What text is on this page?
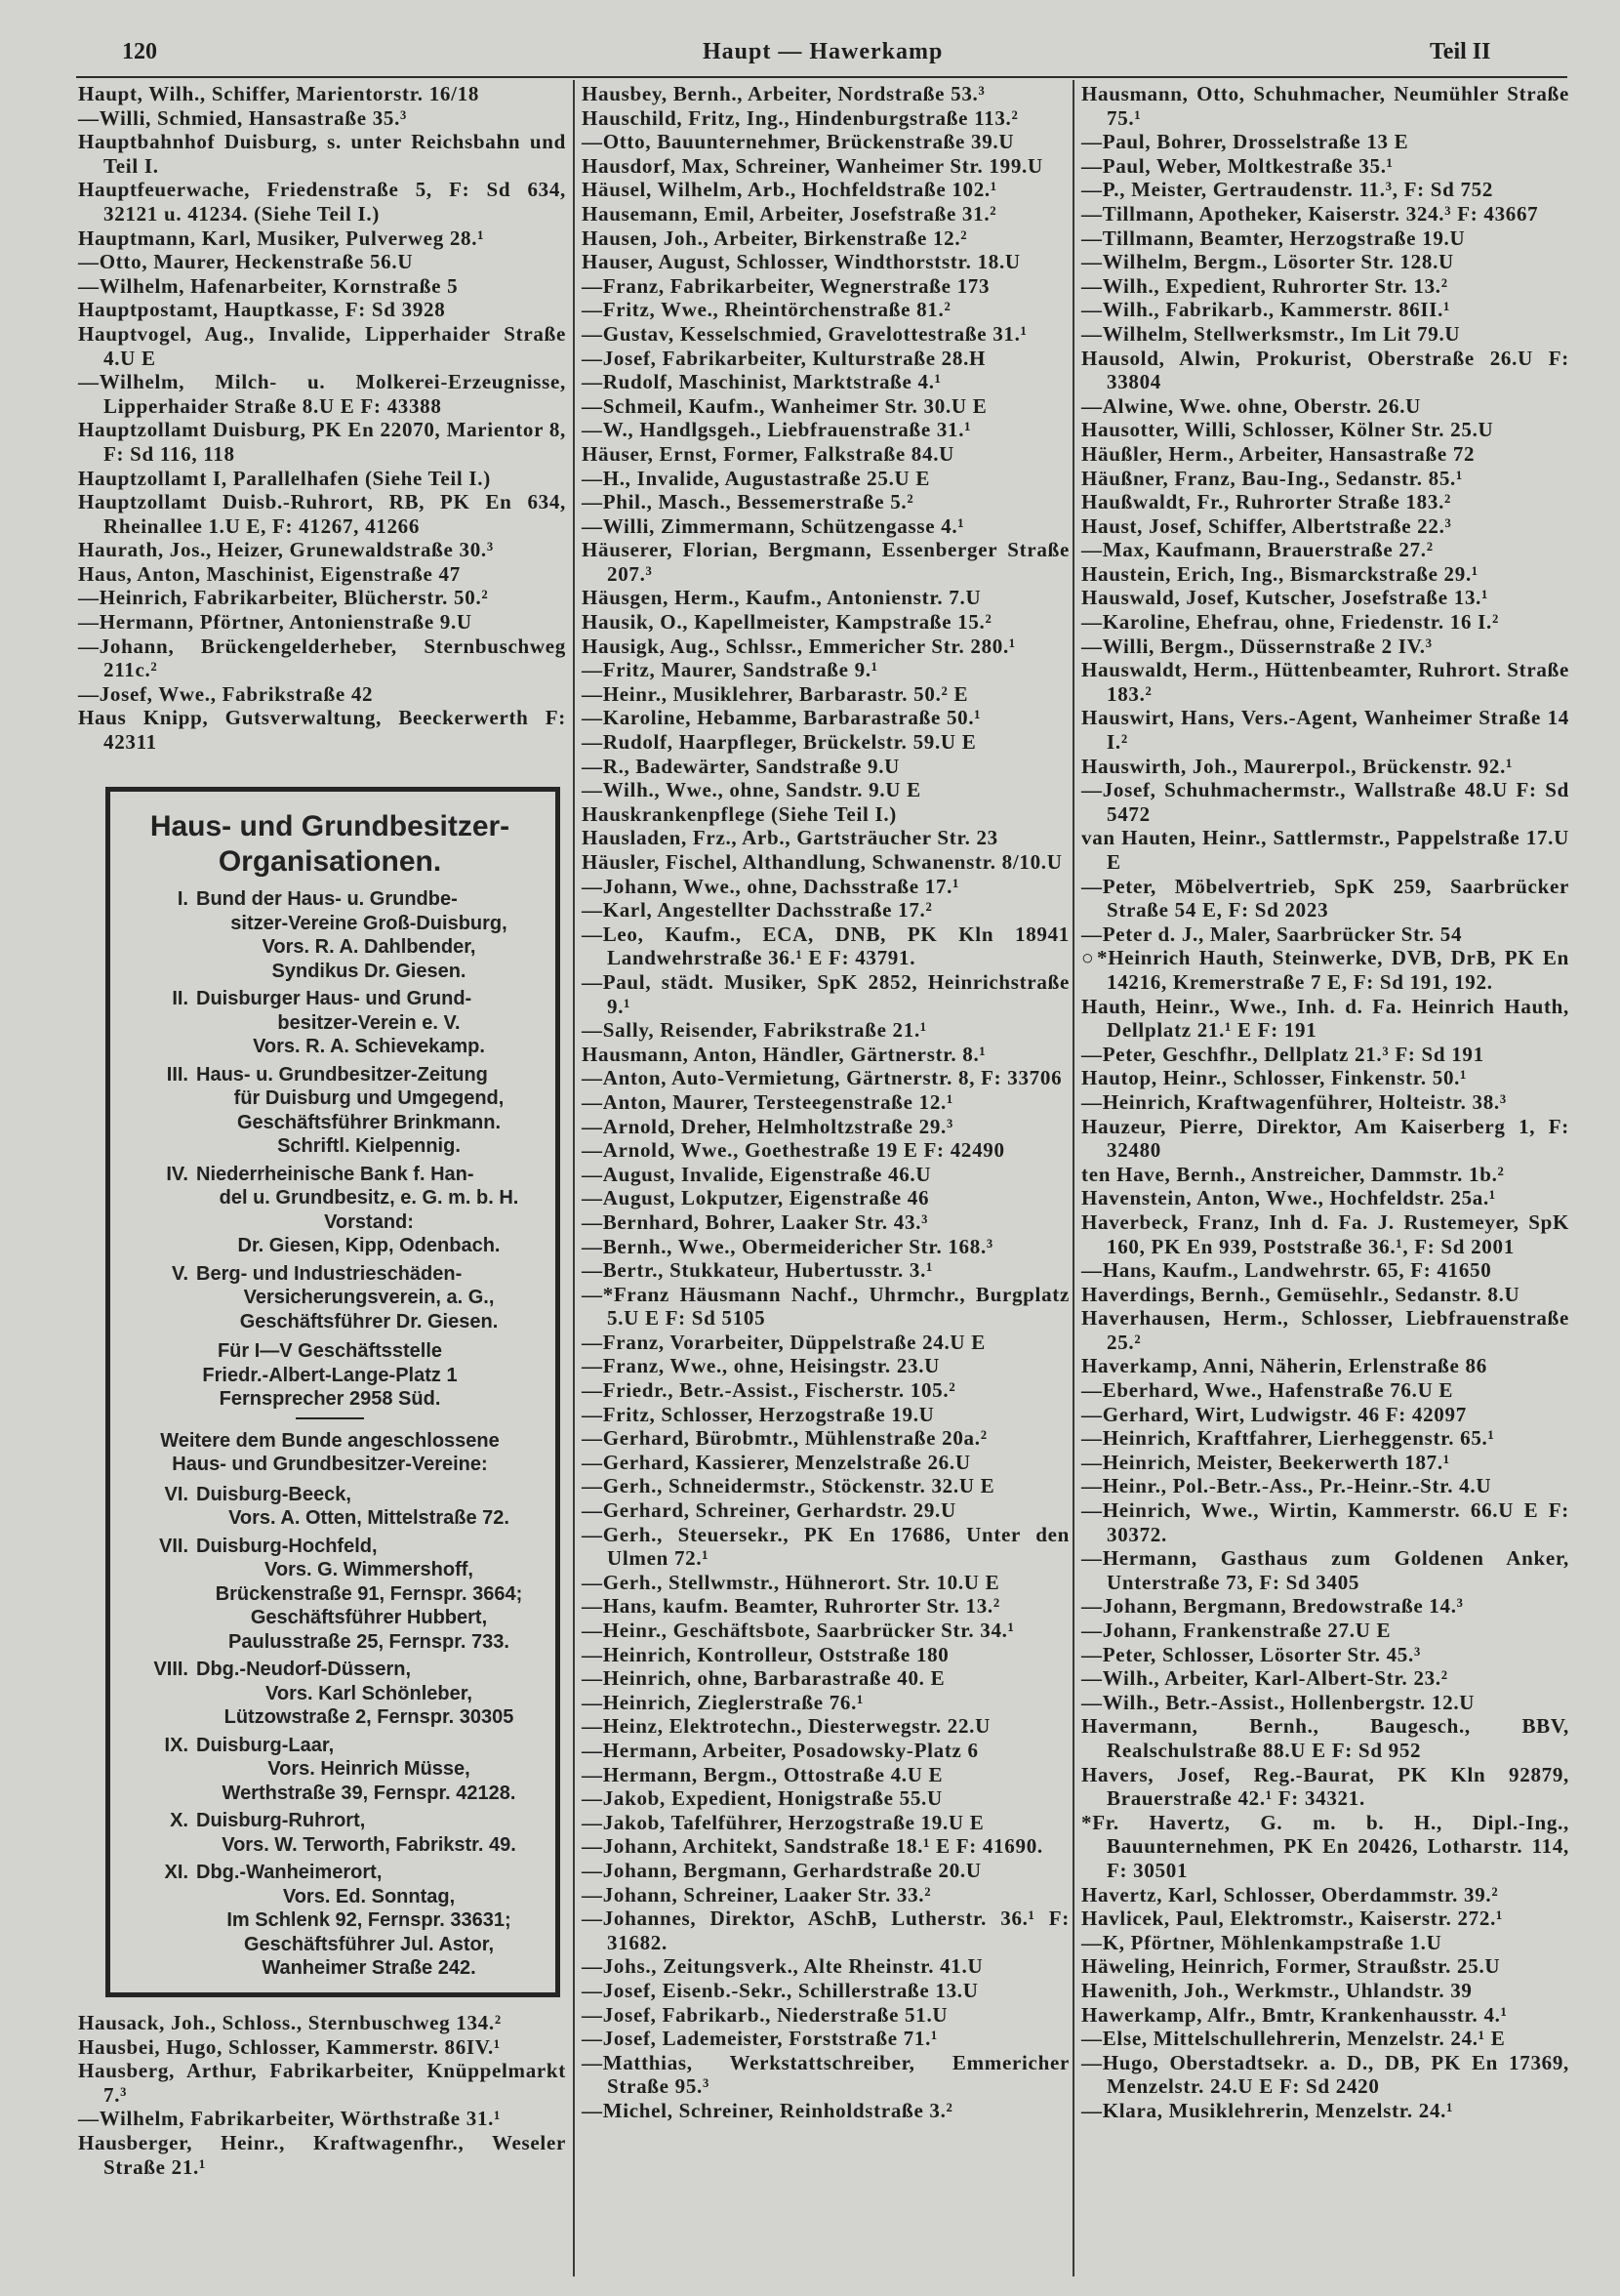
120	Haupt — Hawerkamp	Teil II
Haupt, Wilh., Schiffer, Marientorstr. 16/18
—Willi, Schmied, Hansastraße 35.³
Hauptbahnhof Duisburg, s. unter Reichsbahn und Teil I.
Hauptfeuerwache, Friedenstraße 5, F: Sd 634, 32121 u. 41234. (Siehe Teil I.)
Hauptmann, Karl, Musiker, Pulverweg 28.¹
—Otto, Maurer, Heckenstraße 56.U
—Wilhelm, Hafenarbeiter, Kornstraße 5
Hauptpostamt, Hauptkasse, F: Sd 3928
Hauptvogel, Aug., Invalide, Lipperhaider Straße 4.U E
—Wilhelm, Milch- u. Molkerei-Erzeugnisse, Lipperhaider Straße 8.U E F: 43388
Hauptzollamt Duisburg, PK En 22070, Marientor 8, F: Sd 116, 118
Hauptzollamt I, Parallelhafen (Siehe Teil I.)
Hauptzollamt Duisb.-Ruhrort, RB, PK En 634, Rheinallee 1.U E, F: 41267, 41266
Haurath, Jos., Heizer, Grunewaldstraße 30.³
Haus, Anton, Maschinist, Eigenstraße 47
—Heinrich, Fabrikarbeiter, Blücherstr. 50.²
—Hermann, Pförtner, Antonienstraße 9.U
—Johann, Brückengelderheber, Sternbuschweg 211c.²
—Josef, Wwe., Fabrikstraße 42
Haus Knipp, Gutsverwaltung, Beeckerwerth F: 42311
Haus- und Grundbesitzer-Organisationen.
I. Bund der Haus- u. Grundbe-
sitzer-Vereine Groß-Duisburg,
Vors. R. A. Dahlbender,
Syndikus Dr. Giesen.
II. Duisburger Haus- und Grund-
besitzer-Verein e. V.
Vors. R. A. Schievekamp.
III. Haus- u. Grundbesitzer-Zeitung
für Duisburg und Umgegend,
Geschäftsführer Brinkmann.
Schriftl. Kielpennig.
IV. Niederrheinische Bank f. Han-
del u. Grundbesitz, e. G. m. b. H.
Vorstand:
Dr. Giesen, Kipp, Odenbach.
V. Berg- und Industrieschäden-
Versicherungsverein, a. G.,
Geschäftsführer Dr. Giesen.
Für I—V Geschäftsstelle
Friedr.-Albert-Lange-Platz 1
Fernsprecher 2958 Süd.
Weitere dem Bunde angeschlossene
Haus- und Grundbesitzer-Vereine:
VI. Duisburg-Beeck,
Vors. A. Otten, Mittelstraße 72.
VII. Duisburg-Hochfeld,
Vors. G. Wimmershoff,
Brückenstraße 91, Fernspr. 3664;
Geschäftsführer Hubbert,
Paulusstraße 25, Fernspr. 733.
VIII. Dbg.-Neudorf-Düssern,
Vors. Karl Schönleber,
Lützowstraße 2, Fernspr. 30305
IX. Duisburg-Laar,
Vors. Heinrich Müsse,
Werthstraße 39, Fernspr. 42128.
X. Duisburg-Ruhrort,
Vors. W. Terworth, Fabrikstr. 49.
XI. Dbg.-Wanheimerort,
Vors. Ed. Sonntag,
Im Schlenk 92, Fernspr. 33631;
Geschäftsführer Jul. Astor,
Wanheimer Straße 242.
Hausack, Joh., Schloss., Sternbuschweg 134.²
Hausbei, Hugo, Schlosser, Kammerstr. 86IV.¹
Hausberg, Arthur, Fabrikarbeiter, Knüppelmarkt 7.³
—Wilhelm, Fabrikarbeiter, Wörthstraße 31.¹
Hausberger, Heinr., Kraftwagenfhr., Weseler Straße 21.¹
Hausbey, Bernh., Arbeiter, Nordstraße 53.³
Hauschild, Fritz, Ing., Hindenburgstraße 113.²
—Otto, Bauunternehmer, Brückenstraße 39.U
Hausdorf, Max, Schreiner, Wanheimer Str. 199.U
Häusel, Wilhelm, Arb., Hochfeldstraße 102.¹
Hausemann, Emil, Arbeiter, Josefstraße 31.²
Hausen, Joh., Arbeiter, Birkenstraße 12.²
Hauser, August, Schlosser, Windthorststr. 18.U
—Franz, Fabrikarbeiter, Wegnerstraße 173
—Fritz, Wwe., Rheintörchenstraße 81.²
—Gustav, Kesselschmied, Gravelottestraße 31.¹
—Josef, Fabrikarbeiter, Kulturstraße 28.H
—Rudolf, Maschinist, Marktstraße 4.¹
—Schmeil, Kaufm., Wanheimer Str. 30.U E
—W., Handlgsgeh., Liebfrauenstraße 31.¹
Häuser, Ernst, Former, Falkstraße 84.U
—H., Invalide, Augustastraße 25.U E
—Phil., Masch., Bessemerstraße 5.²
—Willi, Zimmermann, Schützengasse 4.¹
Häuserer, Florian, Bergmann, Essenberger Straße 207.³
Häusgen, Herm., Kaufm., Antonienstr. 7.U
Hausik, O., Kapellmeister, Kampstraße 15.²
Hausigk, Aug., Schlssr., Emmericher Str. 280.¹
—Fritz, Maurer, Sandstraße 9.¹
—Heinr., Musiklehrer, Barbarastr. 50.² E
—Karoline, Hebamme, Barbarastraße 50.¹
—Rudolf, Haarpfleger, Brückelstr. 59.U E
—R., Badewärter, Sandstraße 9.U
—Wilh., Wwe., ohne, Sandstr. 9.U E
Hauskrankenpflege (Siehe Teil I.)
Hausladen, Frz., Arb., Gartsträucher Str. 23
Häusler, Fischel, Althandlung, Schwanenstr. 8/10.U
—Johann, Wwe., ohne, Dachsstraße 17.¹
—Karl, Angestellter Dachsstraße 17.²
—Leo, Kaufm., ECA, DNB, PK Kln 18941 Landwehrstraße 36.¹ E F: 43791.
—Paul, städt. Musiker, SpK 2852, Heinrichstraße 9.¹
—Sally, Reisender, Fabrikstraße 21.¹
Hausmann, Anton, Händler, Gärtnerstr. 8.¹
—Anton, Auto-Vermietung, Gärtnerstr. 8, F: 33706
—Anton, Maurer, Tersteegenstraße 12.¹
—Arnold, Dreher, Helmholtzstraße 29.³
—Arnold, Wwe., Goethestraße 19 E F: 42490
—August, Invalide, Eigenstraße 46.U
—August, Lokputzer, Eigenstraße 46
—Bernhard, Bohrer, Laaker Str. 43.³
—Bernh., Wwe., Obermeidericher Str. 168.³
—Bertr., Stukkateur, Hubertusstr. 3.¹
—*Franz Häusmann Nachf., Uhrmchr., Burgplatz 5.U E F: Sd 5105
—Franz, Vorarbeiter, Düppelstraße 24.U E
—Franz, Wwe., ohne, Heisingstr. 23.U
—Friedr., Betr.-Assist., Fischerstr. 105.²
—Fritz, Schlosser, Herzogstraße 19.U
—Gerhard, Bürobmtr., Mühlenstraße 20a.²
—Gerhard, Kassierer, Menzelstraße 26.U
—Gerh., Schneidermstr., Stöckenstr. 32.U E
—Gerhard, Schreiner, Gerhardstr. 29.U
—Gerh., Steuersekr., PK En 17686, Unter den Ulmen 72.¹
—Gerh., Stellwmstr., Hühnerort. Str. 10.U E
—Hans, kaufm. Beamter, Ruhrorter Str. 13.²
—Heinr., Geschäftsbote, Saarbrücker Str. 34.¹
—Heinrich, Kontrolleur, Oststraße 180
—Heinrich, ohne, Barbarastraße 40. E
—Heinrich, Zieglerstraße 76.¹
—Heinz, Elektrotechn., Diesterwegstr. 22.U
—Hermann, Arbeiter, Posadowsky-Platz 6
—Hermann, Bergm., Ottostraße 4.U E
—Jakob, Expedient, Honigstraße 55.U
—Jakob, Tafelführer, Herzogstraße 19.U E
—Johann, Architekt, Sandstraße 18.¹ E F: 41690.
—Johann, Bergmann, Gerhardstraße 20.U
—Johann, Schreiner, Laaker Str. 33.²
—Johannes, Direktor, ASchB, Lutherstr. 36.¹ F: 31682.
—Johs., Zeitungsverk., Alte Rheinstr. 41.U
—Josef, Eisenb.-Sekr., Schillerstraße 13.U
—Josef, Fabrikarb., Niederstraße 51.U
—Josef, Lademeister, Forststraße 71.¹
—Matthias, Werkstattschreiber, Emmericher Straße 95.³
—Michel, Schreiner, Reinholdstraße 3.²
Hausmann, Otto, Schuhmacher, Neumühler Straße 75.¹
—Paul, Bohrer, Drosselstraße 13 E
—Paul, Weber, Moltkestraße 35.¹
—P., Meister, Gertraudenstr. 11.³, F: Sd 752
—Tillmann, Apotheker, Kaiserstr. 324.³ F: 43667
—Tillmann, Beamter, Herzogstraße 19.U
—Wilhelm, Bergm., Lösorter Str. 128.U
—Wilh., Expedient, Ruhrorter Str. 13.²
—Wilh., Fabrikarb., Kammerstr. 86II.¹
—Wilhelm, Stellwerksmstr., Im Lit 79.U
Hausold, Alwin, Prokurist, Oberstraße 26.U F: 33804
—Alwine, Wwe. ohne, Oberstr. 26.U
Hausotter, Willi, Schlosser, Kölner Str. 25.U
Häußler, Herm., Arbeiter, Hansastraße 72
Häußner, Franz, Bau-Ing., Sedanstr. 85.¹
Haußwaldt, Fr., Ruhrorter Straße 183.²
Haust, Josef, Schiffer, Albertstraße 22.³
—Max, Kaufmann, Brauerstraße 27.²
Haustein, Erich, Ing., Bismarckstraße 29.¹
Hauswald, Josef, Kutscher, Josefstraße 13.¹
—Karoline, Ehefrau, ohne, Friedenstr. 16 I.²
—Willi, Bergm., Düssernstraße 2 IV.³
Hauswaldt, Herm., Hüttenbeamter, Ruhrort. Straße 183.²
Hauswirt, Hans, Vers.-Agent, Wanheimer Straße 14 I.²
Hauswirth, Joh., Maurerpol., Brückenstr. 92.¹
—Josef, Schuhmachermstr., Wallstraße 48.U F: Sd 5472
van Hauten, Heinr., Sattlermstr., Pappelstraße 17.U E
—Peter, Möbelvertrieb, SpK 259, Saarbrücker Straße 54 E, F: Sd 2023
—Peter d. J., Maler, Saarbrücker Str. 54
○*Heinrich Hauth, Steinwerke, DVB, DrB, PK En 14216, Kremerstraße 7 E, F: Sd 191, 192.
Hauth, Heinr., Wwe., Inh. d. Fa. Heinrich Hauth, Dellplatz 21.¹ E F: 191
—Peter, Geschfhr., Dellplatz 21.³ F: Sd 191
Hautop, Heinr., Schlosser, Finkenstr. 50.¹
—Heinrich, Kraftwagenführer, Holteistr. 38.³
Hauzeur, Pierre, Direktor, Am Kaiserberg 1, F: 32480
ten Have, Bernh., Anstreicher, Dammstr. 1b.²
Havenstein, Anton, Wwe., Hochfeldstr. 25a.¹
Haverbeck, Franz, Inh d. Fa. J. Rustemeyer, SpK 160, PK En 939, Poststraße 36.¹, F: Sd 2001
—Hans, Kaufm., Landwehrstr. 65, F: 41650
Haverdings, Bernh., Gemüsehlr., Sedanstr. 8.U
Haverhausen, Herm., Schlosser, Liebfrauenstraße 25.²
Haverkamp, Anni, Näherin, Erlenstraße 86
—Eberhard, Wwe., Hafenstraße 76.U E
—Gerhard, Wirt, Ludwigstr. 46 F: 42097
—Heinrich, Kraftfahrer, Lierheggenstr. 65.¹
—Heinrich, Meister, Beekerwerth 187.¹
—Heinr., Pol.-Betr.-Ass., Pr.-Heinr.-Str. 4.U
—Heinrich, Wwe., Wirtin, Kammerstr. 66.U E F: 30372.
—Hermann, Gasthaus zum Goldenen Anker, Unterstraße 73, F: Sd 3405
—Johann, Bergmann, Bredowstraße 14.³
—Johann, Frankenstraße 27.U E
—Peter, Schlosser, Lösorter Str. 45.³
—Wilh., Arbeiter, Karl-Albert-Str. 23.²
—Wilh., Betr.-Assist., Hollenbergstr. 12.U
Havermann, Bernh., Baugesch., BBV, Realschulstraße 88.U E F: Sd 952
Havers, Josef, Reg.-Baurat, PK Kln 92879, Brauerstraße 42.¹ F: 34321.
*Fr. Havertz, G. m. b. H., Dipl.-Ing., Bauunternehmen, PK En 20426, Lotharstr. 114, F: 30501
Havertz, Karl, Schlosser, Oberdammstr. 39.²
Havlicek, Paul, Elektromstr., Kaiserstr. 272.¹
—K, Pförtner, Möhlenkampstraße 1.U
Häweling, Heinrich, Former, Straußstr. 25.U
Hawenith, Joh., Werkmstr., Uhlandstr. 39
Hawerkamp, Alfr., Bmtr, Krankenhausstr. 4.¹
—Else, Mittelschullehrerin, Menzelstr. 24.¹ E
—Hugo, Oberstadtsekr. a. D., DB, PK En 17369, Menzelstr. 24.U E F: Sd 2420
—Klara, Musiklehrerin, Menzelstr. 24.¹
